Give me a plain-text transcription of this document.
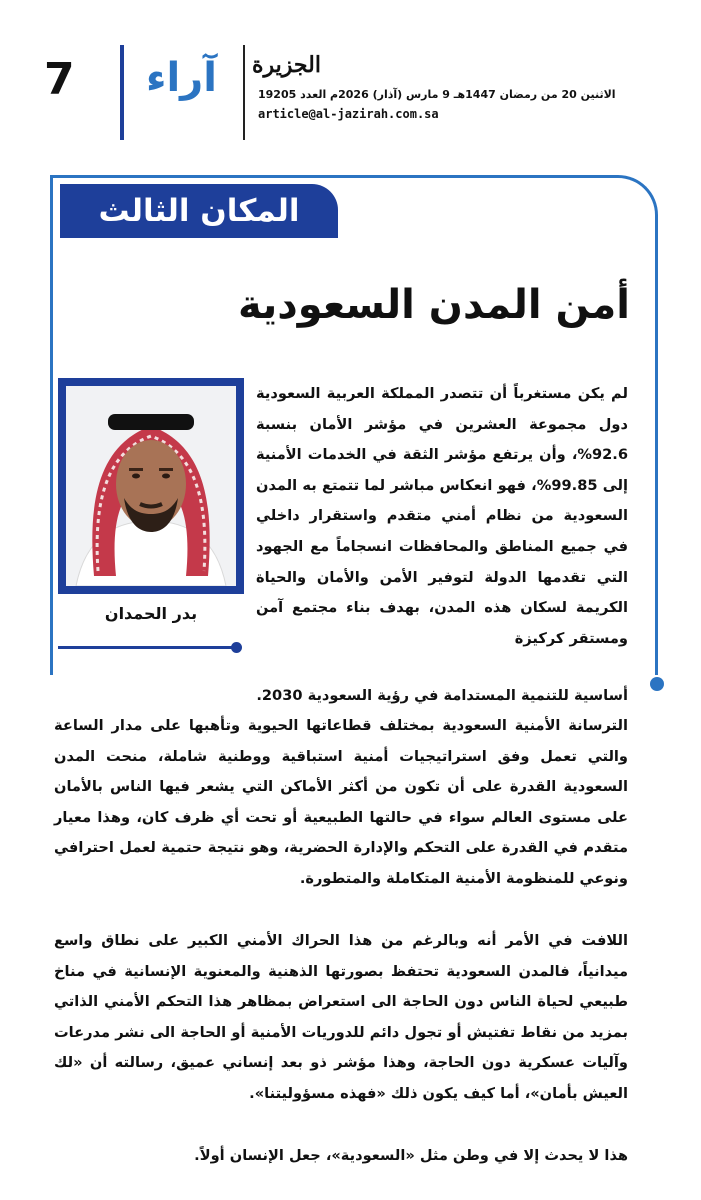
7 آراء الجزيرة
الاثنين 20 من رمضان 1447هـ 9 مارس (آذار) 2026م العدد 19205
article@al-jazirah.com.sa
المكان الثالث
أمن المدن السعودية
بدر الحمدان

لم يكن مستغرباً أن تتصدر المملكة العربية السعودية دول مجموعة العشرين في مؤشر الأمان بنسبة 92.6%، وأن يرتفع مؤشر الثقة في الخدمات الأمنية إلى 99.85%، فهو انعكاس مباشر لما تتمتع به المدن السعودية من نظام أمني متقدم واستقرار داخلي في جميع المناطق والمحافظات انسجاماً مع الجهود التي تقدمها الدولة لتوفير الأمن والأمان والحياة الكريمة لسكان هذه المدن، بهدف بناء مجتمع آمن ومستقر كركيزة

أساسية للتنمية المستدامة في رؤية السعودية 2030.

الترسانة الأمنية السعودية بمختلف قطاعاتها الحيوية وتأهبها على مدار الساعة والتي تعمل وفق استراتيجيات أمنية استباقية ووطنية شاملة، منحت المدن السعودية القدرة على أن تكون من أكثر الأماكن التي يشعر فيها الناس بالأمان على مستوى العالم سواء في حالتها الطبيعية أو تحت أي ظرف كان، وهذا معيار متقدم في القدرة على التحكم والإدارة الحضرية، وهو نتيجة حتمية لعمل احترافي ونوعي للمنظومة الأمنية المتكاملة والمتطورة.

اللافت في الأمر أنه وبالرغم من هذا الحراك الأمني الكبير على نطاق واسع ميدانياً، فالمدن السعودية تحتفظ بصورتها الذهنية والمعنوية الإنسانية في مناخ طبيعي لحياة الناس دون الحاجة الى استعراض بمظاهر هذا التحكم الأمني الذاتي بمزيد من نقاط تفتيش أو تجول دائم للدوريات الأمنية أو الحاجة الى نشر مدرعات وآليات عسكرية دون الحاجة، وهذا مؤشر ذو بعد إنساني عميق، رسالته أن «لك العيش بأمان»، أما كيف يكون ذلك «فهذه مسؤوليتنا».

هذا لا يحدث إلا في وطن مثل «السعودية»، جعل الإنسان أولاً.
